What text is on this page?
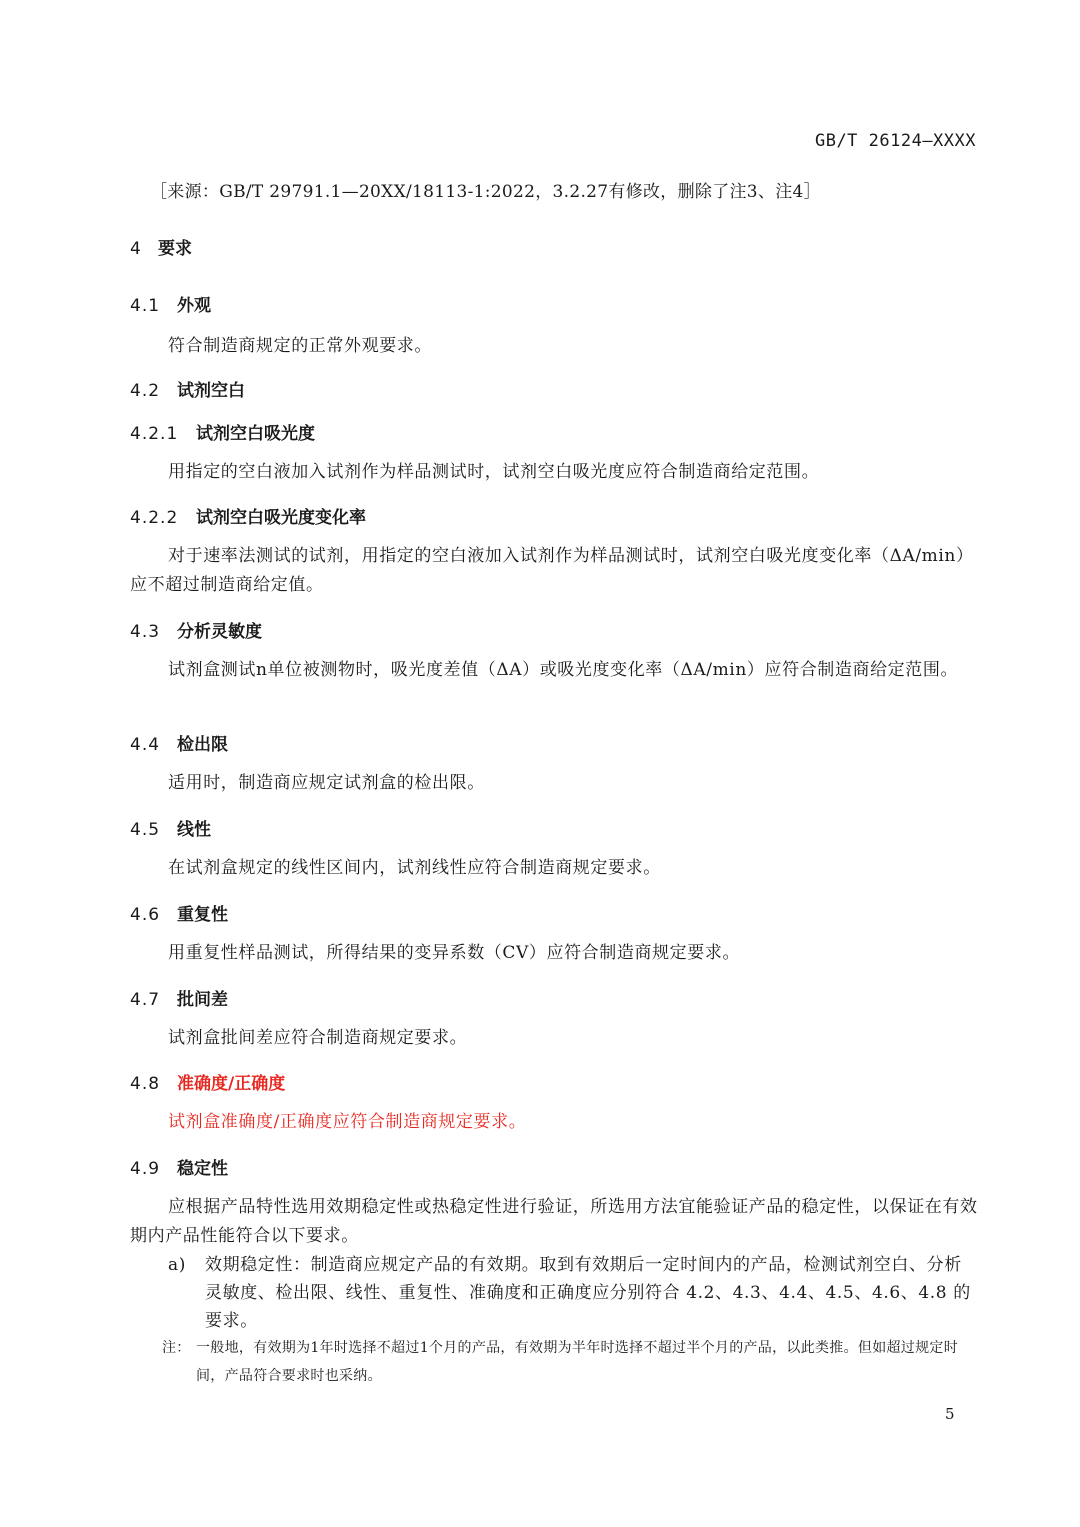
GB/T 26124—XXXX
［来源：GB/T 29791.1—20XX/18113-1:2022，3.2.27有修改，删除了注3、注4］
4 要求
4.1 外观
符合制造商规定的正常外观要求。
4.2 试剂空白
4.2.1 试剂空白吸光度
用指定的空白液加入试剂作为样品测试时，试剂空白吸光度应符合制造商给定范围。
4.2.2 试剂空白吸光度变化率
对于速率法测试的试剂，用指定的空白液加入试剂作为样品测试时，试剂空白吸光度变化率（ΔA/min）应不超过制造商给定值。
4.3 分析灵敏度
试剂盒测试n单位被测物时，吸光度差值（ΔA）或吸光度变化率（ΔA/min）应符合制造商给定范围。
4.4 检出限
适用时，制造商应规定试剂盒的检出限。
4.5 线性
在试剂盒规定的线性区间内，试剂线性应符合制造商规定要求。
4.6 重复性
用重复性样品测试，所得结果的变异系数（CV）应符合制造商规定要求。
4.7 批间差
试剂盒批间差应符合制造商规定要求。
4.8 准确度/正确度
试剂盒准确度/正确度应符合制造商规定要求。
4.9 稳定性
应根据产品特性选用效期稳定性或热稳定性进行验证，所选用方法宜能验证产品的稳定性，以保证在有效期内产品性能符合以下要求。
a) 效期稳定性：制造商应规定产品的有效期。取到有效期后一定时间内的产品，检测试剂空白、分析灵敏度、检出限、线性、重复性、准确度和正确度应分别符合 4.2、4.3、4.4、4.5、4.6、4.8 的要求。
注： 一般地，有效期为1年时选择不超过1个月的产品，有效期为半年时选择不超过半个月的产品，以此类推。但如超过规定时间，产品符合要求时也采纳。
5
